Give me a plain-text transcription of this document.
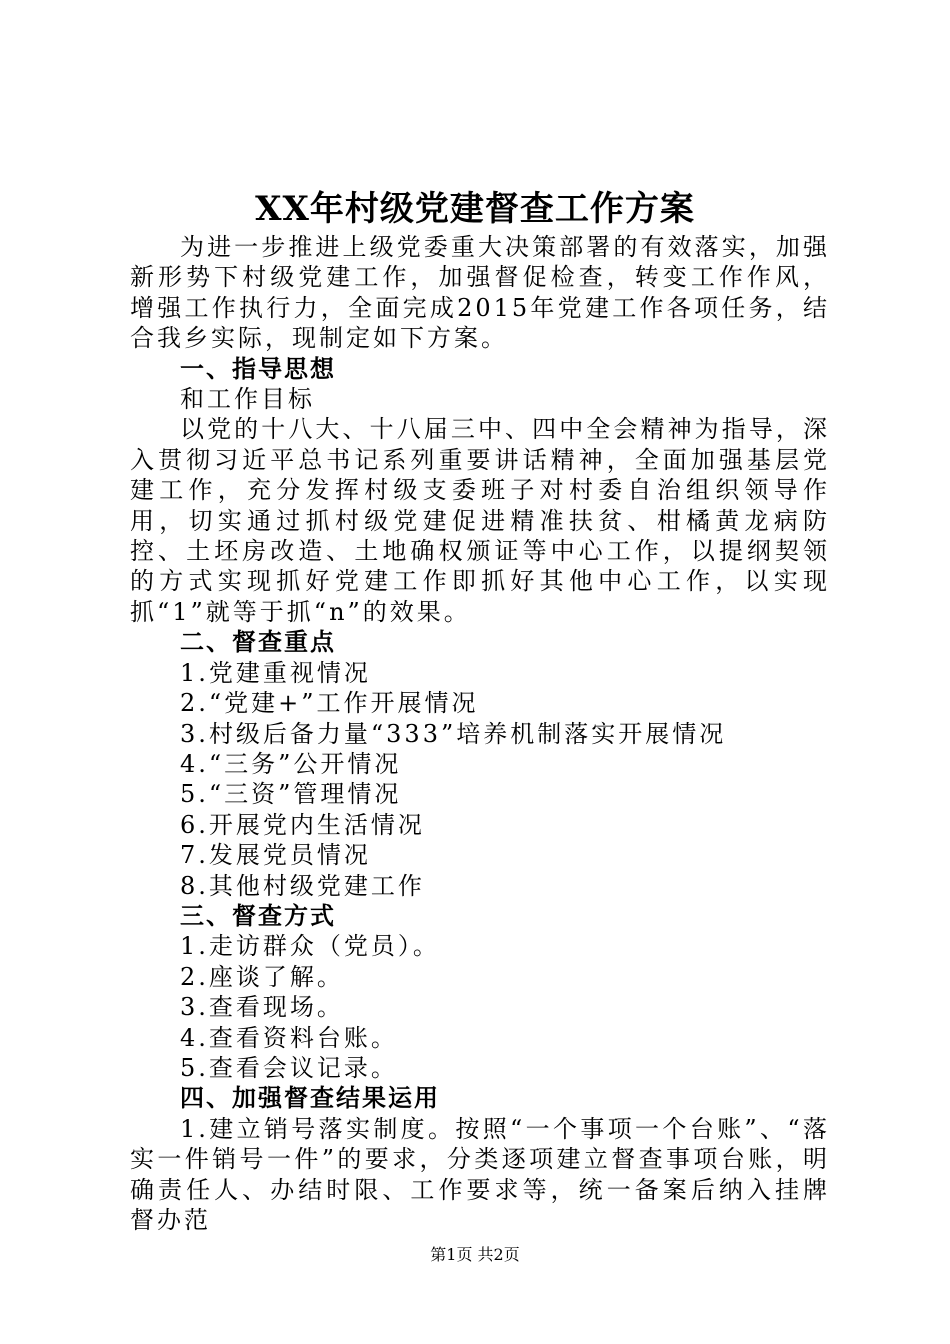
XX年村级党建督查工作方案

为进一步推进上级党委重大决策部署的有效落实，加强新形势下村级党建工作，加强督促检查，转变工作作风，增强工作执行力，全面完成2015年党建工作各项任务，结合我乡实际，现制定如下方案。

一、指导思想

和工作目标

以党的十八大、十八届三中、四中全会精神为指导，深入贯彻习近平总书记系列重要讲话精神，全面加强基层党建工作，充分发挥村级支委班子对村委自治组织领导作用，切实通过抓村级党建促进精准扶贫、柑橘黄龙病防控、土坯房改造、土地确权颁证等中心工作，以提纲契领的方式实现抓好党建工作即抓好其他中心工作，以实现抓“1”就等于抓“n”的效果。

二、督查重点

1.党建重视情况

2.“党建+”工作开展情况

3.村级后备力量“333”培养机制落实开展情况

4.“三务”公开情况

5.“三资”管理情况

6.开展党内生活情况

7.发展党员情况

8.其他村级党建工作

三、督查方式

1.走访群众（党员）。

2.座谈了解。

3.查看现场。

4.查看资料台账。

5.查看会议记录。

四、加强督查结果运用

1.建立销号落实制度。按照“一个事项一个台账”、“落实一件销号一件”的要求，分类逐项建立督查事项台账，明确责任人、办结时限、工作要求等，统一备案后纳入挂牌督办范

第1页 共2页
